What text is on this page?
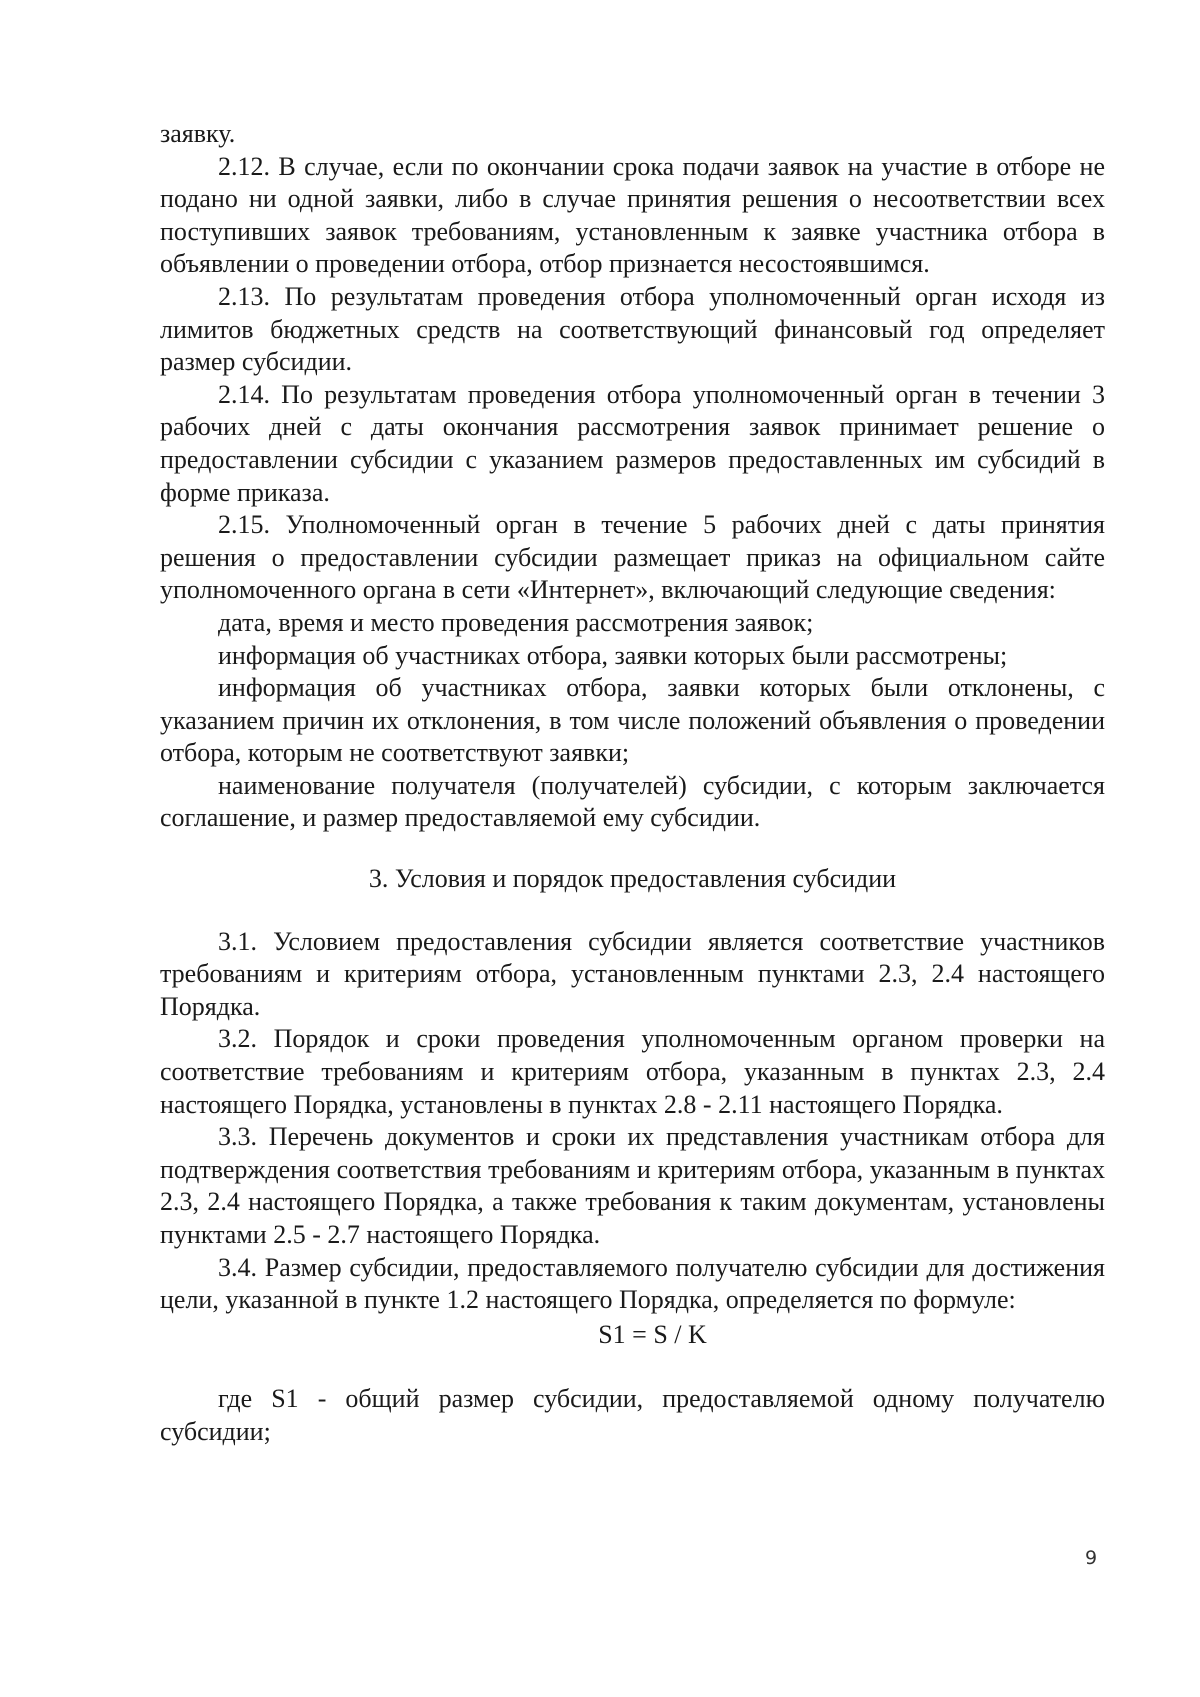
заявку.

2.12. В случае, если по окончании срока подачи заявок на участие в отборе не подано ни одной заявки, либо в случае принятия решения о несоответствии всех поступивших заявок требованиям, установленным к заявке участника отбора в объявлении о проведении отбора, отбор признается несостоявшимся.

2.13. По результатам проведения отбора уполномоченный орган исходя из лимитов бюджетных средств на соответствующий финансовый год определяет размер субсидии.

2.14. По результатам проведения отбора уполномоченный орган в течении 3 рабочих дней с даты окончания рассмотрения заявок принимает решение о предоставлении субсидии с указанием размеров предоставленных им субсидий в форме приказа.

2.15. Уполномоченный орган в течение 5 рабочих дней с даты принятия решения о предоставлении субсидии размещает приказ на официальном сайте уполномоченного органа в сети «Интернет», включающий следующие сведения:

дата, время и место проведения рассмотрения заявок;

информация об участниках отбора, заявки которых были рассмотрены;

информация об участниках отбора, заявки которых были отклонены, с указанием причин их отклонения, в том числе положений объявления о проведении отбора, которым не соответствуют заявки;

наименование получателя (получателей) субсидии, с которым заключается соглашение, и размер предоставляемой ему субсидии.

3. Условия и порядок предоставления субсидии

3.1. Условием предоставления субсидии является соответствие участников требованиям и критериям отбора, установленным пунктами 2.3, 2.4 настоящего Порядка.

3.2. Порядок и сроки проведения уполномоченным органом проверки на соответствие требованиям и критериям отбора, указанным в пунктах 2.3, 2.4 настоящего Порядка, установлены в пунктах 2.8 - 2.11 настоящего Порядка.

3.3. Перечень документов и сроки их представления участникам отбора для подтверждения соответствия требованиям и критериям отбора, указанным в пунктах 2.3, 2.4 настоящего Порядка, а также требования к таким документам, установлены пунктами 2.5 - 2.7 настоящего Порядка.

3.4. Размер субсидии, предоставляемого получателю субсидии для достижения цели, указанной в пункте 1.2 настоящего Порядка, определяется по формуле:

S1 = S / K

где S1 - общий размер субсидии, предоставляемой одному получателю субсидии;

9
